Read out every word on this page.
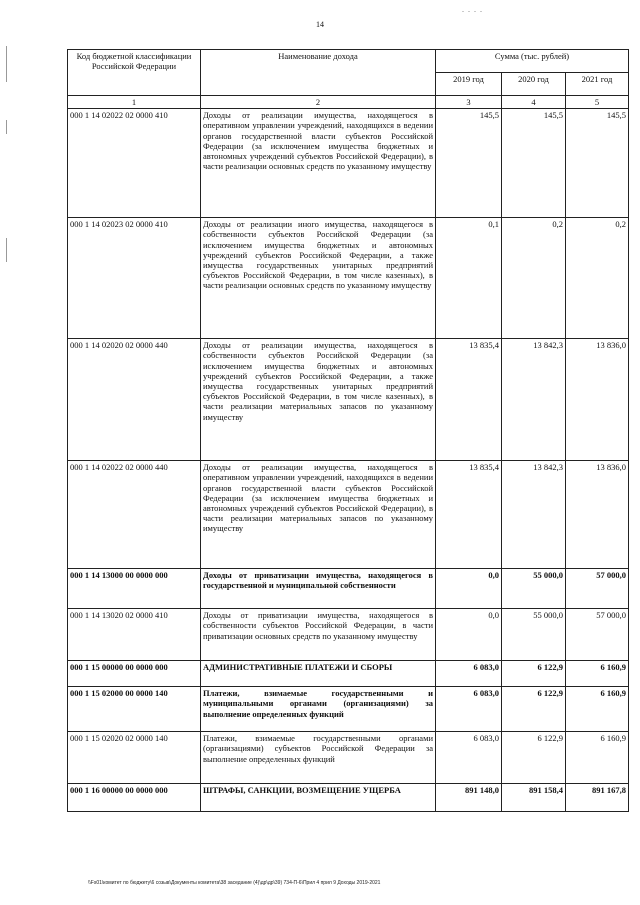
. . . .
14
Код бюджетной классификации Российской Федерации	Наименование дохода	Сумма (тыс. рублей)		
		2019 год	2020 год	2021 год
1	2	3	4	5
000 1 14 02022 02 0000 410	Доходы от реализации имущества, находящегося в оперативном управлении учреждений, находящихся в ведении органов государственной власти субъектов Российской Федерации (за исключением имущества бюджетных и автономных учреждений субъектов Российской Федерации), в части реализации основных средств по указанному имуществу	145,5	145,5	145,5
000 1 14 02023 02 0000 410	Доходы от реализации иного имущества, находящегося в собственности субъектов Российской Федерации (за исключением имущества бюджетных и автономных учреждений субъектов Российской Федерации, а также имущества государственных унитарных предприятий субъектов Российской Федерации, в том числе казенных), в части реализации основных средств по указанному имуществу	0,1	0,2	0,2
000 1 14 02020 02 0000 440	Доходы от реализации имущества, находящегося в собственности субъектов Российской Федерации (за исключением имущества бюджетных и автономных учреждений субъектов Российской Федерации, а также имущества государственных унитарных предприятий субъектов Российской Федерации, в том числе казенных), в части реализации материальных запасов по указанному имуществу	13 835,4	13 842,3	13 836,0
000 1 14 02022 02 0000 440	Доходы от реализации имущества, находящегося в оперативном управлении учреждений, находящихся в ведении органов государственной власти субъектов Российской Федерации (за исключением имущества бюджетных и автономных учреждений субъектов Российской Федерации), в части реализации материальных запасов по указанному имуществу	13 835,4	13 842,3	13 836,0
000 1 14 13000 00 0000 000	Доходы от приватизации имущества, находящегося в государственной и муниципальной собственности	0,0	55 000,0	57 000,0
000 1 14 13020 02 0000 410	Доходы от приватизации имущества, находящегося в собственности субъектов Российской Федерации, в части приватизации основных средств по указанному имуществу	0,0	55 000,0	57 000,0
000 1 15 00000 00 0000 000	АДМИНИСТРАТИВНЫЕ ПЛАТЕЖИ И СБОРЫ	6 083,0	6 122,9	6 160,9
000 1 15 02000 00 0000 140	Платежи, взимаемые государственными и муниципальными органами (организациями) за выполнение определенных функций	6 083,0	6 122,9	6 160,9
000 1 15 02020 02 0000 140	Платежи, взимаемые государственными органами (организациями) субъектов Российской Федерации за выполнение определенных функций	6 083,0	6 122,9	6 160,9
000 1 16 00000 00 0000 000	ШТРАФЫ, САНКЦИИ, ВОЗМЕЩЕНИЕ УЩЕРБА	891 148,0	891 158,4	891 167,8
\\Fs01\комитет по бюджету\6 созыв\Документы комитета\38 заседание (4)\др\др\39) 734-П-6\Прил 4 прил 9 Доходы 2019-2021
